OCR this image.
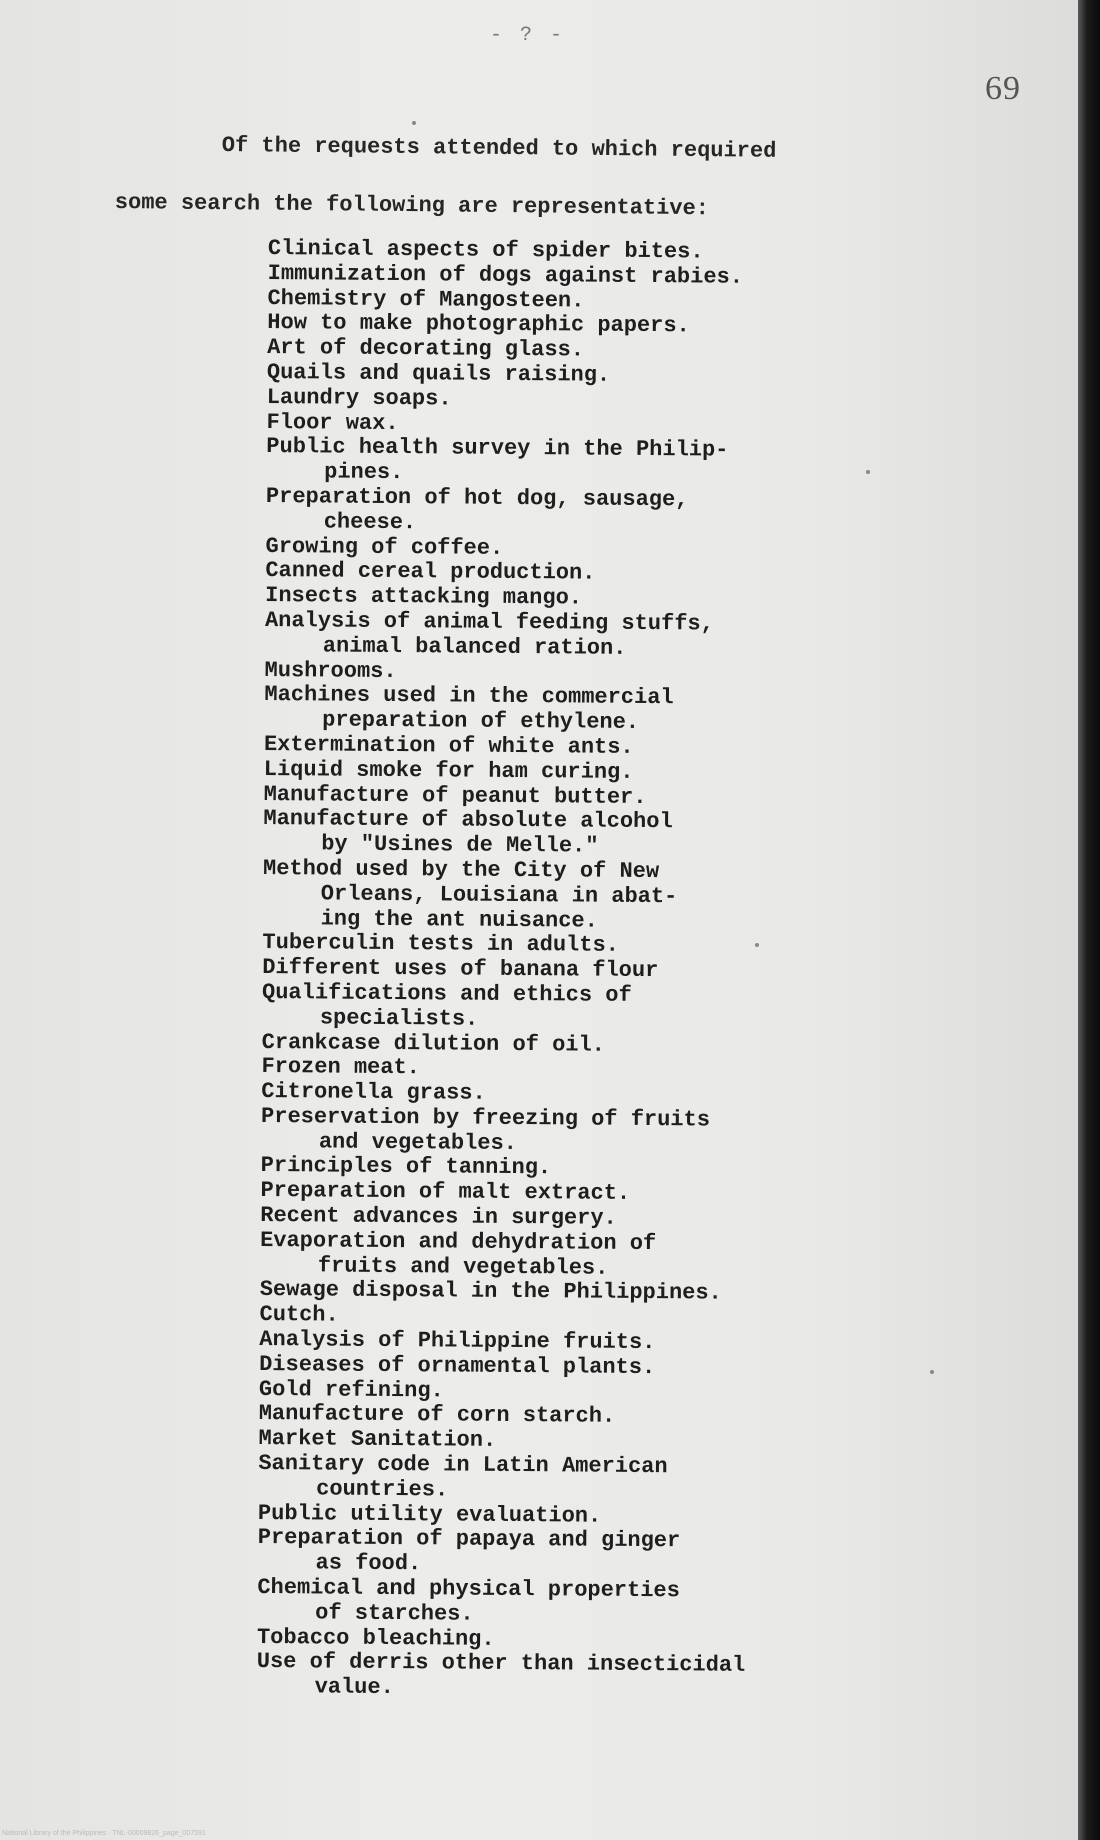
- ? -
69
Of the requests attended to which required
some search the following are representative:
Clinical aspects of spider bites.
Immunization of dogs against rabies.
Chemistry of Mangosteen.
How to make photographic papers.
Art of decorating glass.
Quails and quails raising.
Laundry soaps.
Floor wax.
Public health survey in the Philip-
pines.
Preparation of hot dog, sausage,
cheese.
Growing of coffee.
Canned cereal production.
Insects attacking mango.
Analysis of animal feeding stuffs,
animal balanced ration.
Mushrooms.
Machines used in the commercial
preparation of ethylene.
Extermination of white ants.
Liquid smoke for ham curing.
Manufacture of peanut butter.
Manufacture of absolute alcohol
by "Usines de Melle."
Method used by the City of New
Orleans, Louisiana in abat-
ing the ant nuisance.
Tuberculin tests in adults.
Different uses of banana flour
Qualifications and ethics of
specialists.
Crankcase dilution of oil.
Frozen meat.
Citronella grass.
Preservation by freezing of fruits
and vegetables.
Principles of tanning.
Preparation of malt extract.
Recent advances in surgery.
Evaporation and dehydration of
fruits and vegetables.
Sewage disposal in the Philippines.
Cutch.
Analysis of Philippine fruits.
Diseases of ornamental plants.
Gold refining.
Manufacture of corn starch.
Market Sanitation.
Sanitary code in Latin American
countries.
Public utility evaluation.
Preparation of papaya and ginger
as food.
Chemical and physical properties
of starches.
Tobacco bleaching.
Use of derris other than insecticidal
value.
National Library of the Philippines · TNL-00009826_page_007591
